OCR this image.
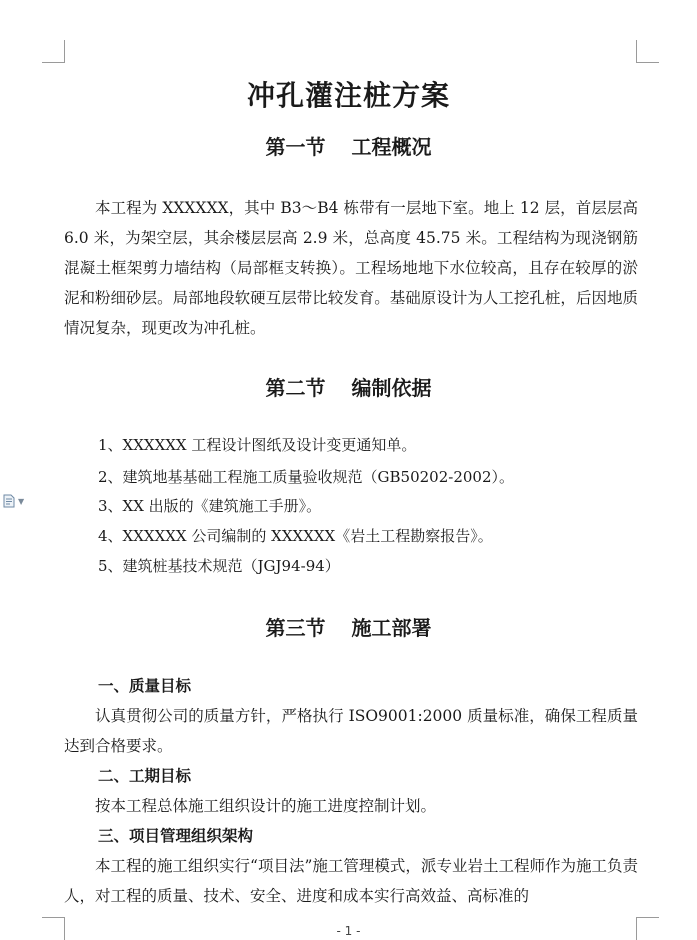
▼
冲孔灌注桩方案
第一节 工程概况
本工程为 XXXXXX，其中 B3～B4 栋带有一层地下室。地上 12 层，首层层高 6.0 米，为架空层，其余楼层层高 2.9 米，总高度 45.75 米。工程结构为现浇钢筋混凝土框架剪力墙结构（局部框支转换）。工程场地地下水位较高，且存在较厚的淤泥和粉细砂层。局部地段软硬互层带比较发育。基础原设计为人工挖孔桩，后因地质情况复杂，现更改为冲孔桩。
第二节 编制依据
1、XXXXXX 工程设计图纸及设计变更通知单。
2、建筑地基基础工程施工质量验收规范（GB50202-2002）。
3、XX 出版的《建筑施工手册》。
4、XXXXXX 公司编制的 XXXXXX《岩土工程勘察报告》。
5、建筑桩基技术规范（JGJ94-94）
第三节 施工部署
一、质量目标
认真贯彻公司的质量方针，严格执行 ISO9001:2000 质量标准，确保工程质量达到合格要求。
二、工期目标
按本工程总体施工组织设计的施工进度控制计划。
三、项目管理组织架构
本工程的施工组织实行“项目法”施工管理模式，派专业岩土工程师作为施工负责人，对工程的质量、技术、安全、进度和成本实行高效益、高标准的
- 1 -
